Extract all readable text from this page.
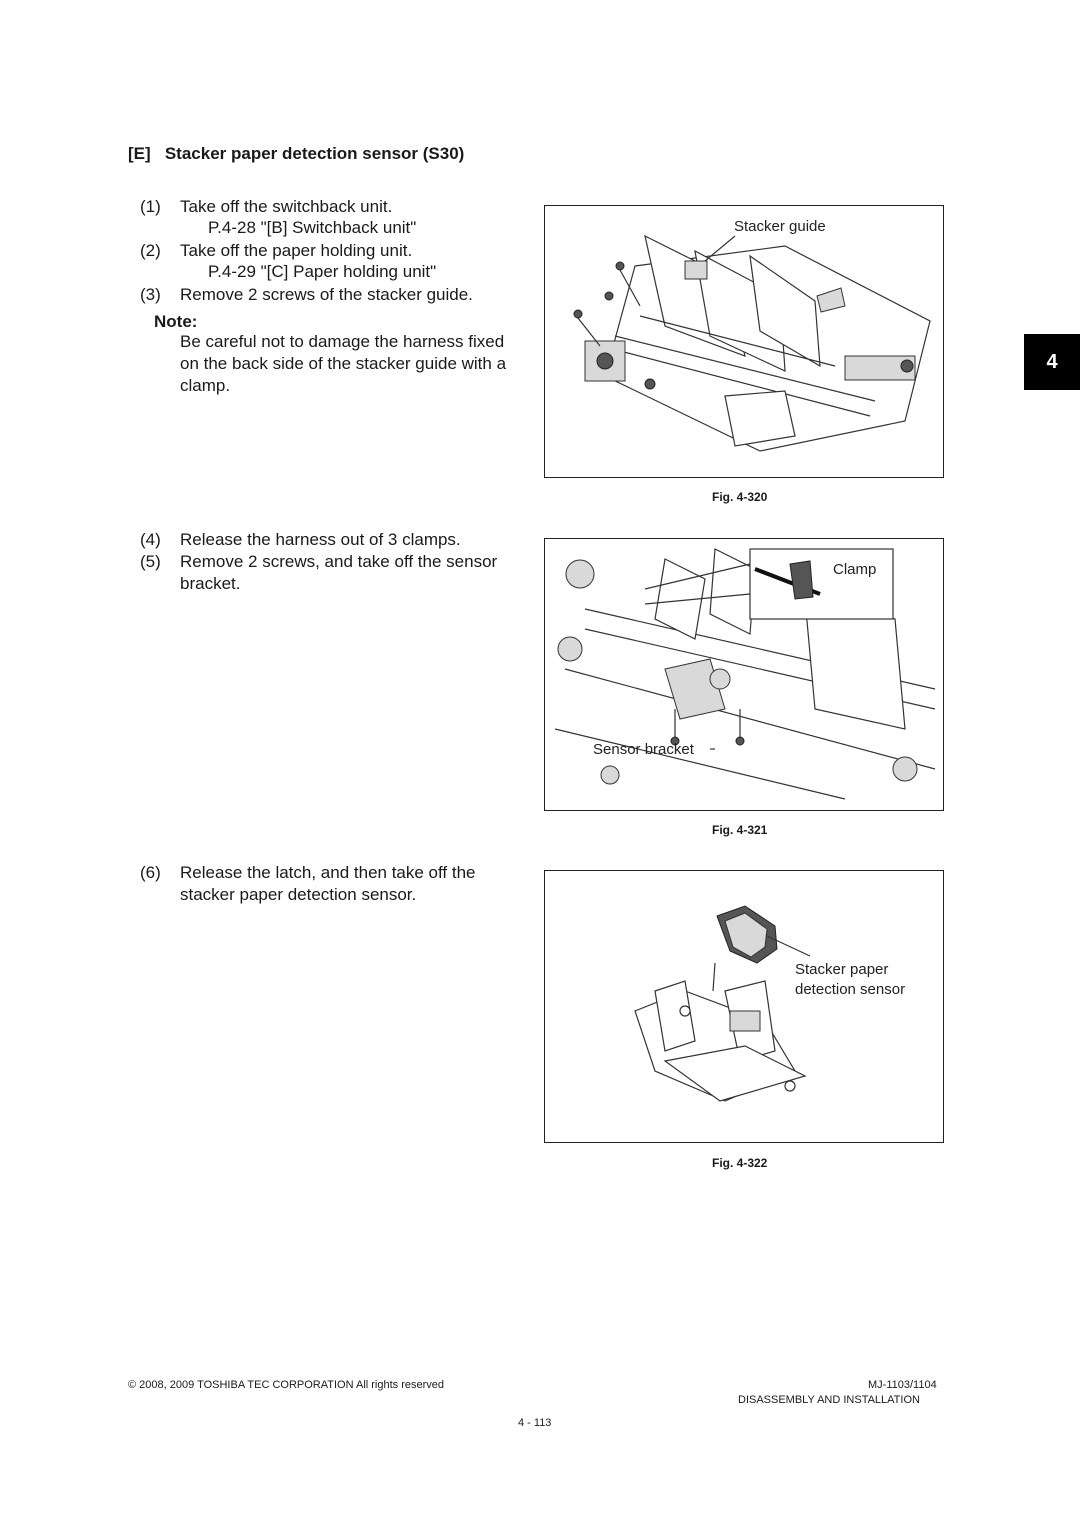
[E]   Stacker paper detection sensor (S30)
(1) Take off the switchback unit.
P.4-28 "[B] Switchback unit"
(2) Take off the paper holding unit.
P.4-29 "[C] Paper holding unit"
(3) Remove 2 screws of the stacker guide.
Note:
Be careful not to damage the harness fixed
on the back side of the stacker guide with a
clamp.
Stacker guide
Fig. 4-320
(4) Release the harness out of 3 clamps.
(5) Remove 2 screws, and take off the sensor
bracket.
Clamp
Sensor bracket
Fig. 4-321
(6) Release the latch, and then take off the
stacker paper detection sensor.
Stacker paper
detection sensor
Fig. 4-322
4
© 2008, 2009 TOSHIBA TEC CORPORATION All rights reserved	MJ-1103/1104
DISASSEMBLY AND INSTALLATION
4 - 113
